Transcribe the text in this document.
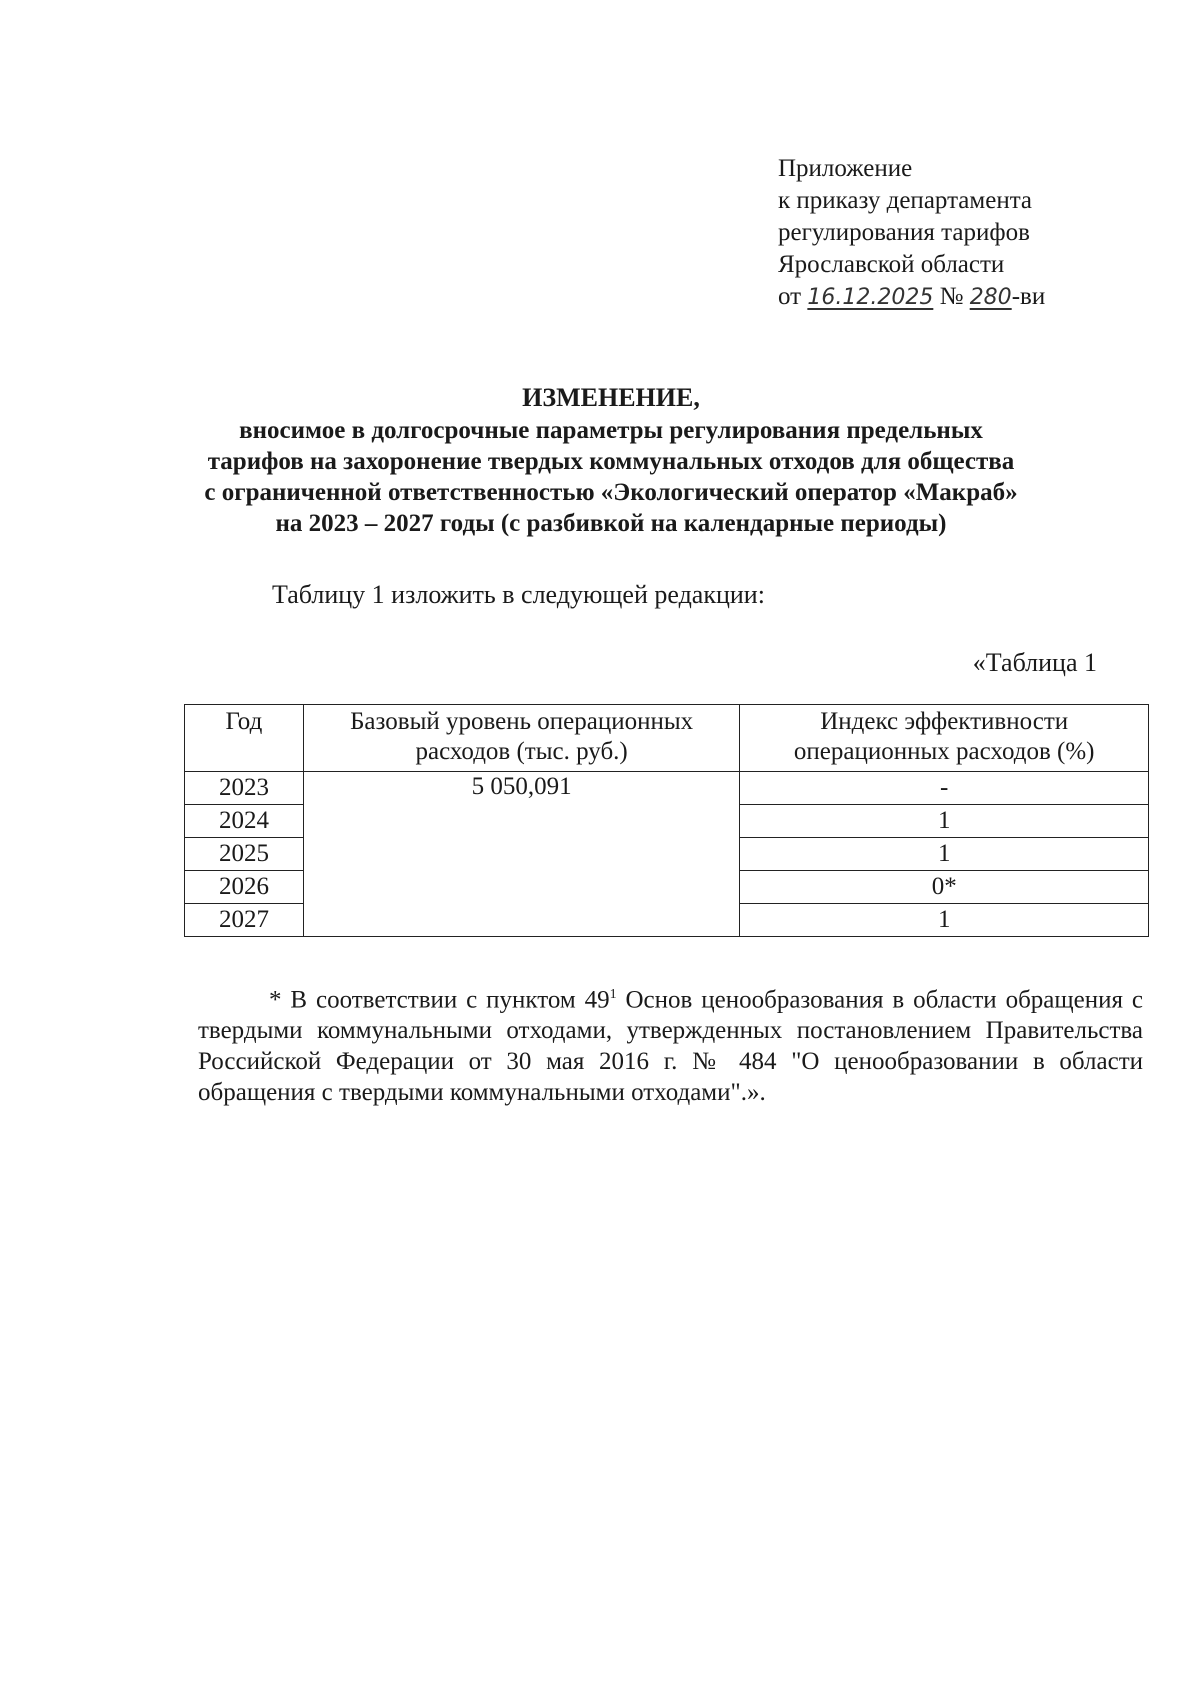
Приложение
к приказу департамента
регулирования тарифов
Ярославской области
от 16.12.2025 № 280-ви
ИЗМЕНЕНИЕ,
вносимое в долгосрочные параметры регулирования предельных
тарифов на захоронение твердых коммунальных отходов для общества
с ограниченной ответственностью «Экологический оператор «Макраб»
на 2023 – 2027 годы (с разбивкой на календарные периоды)
Таблицу 1 изложить в следующей редакции:
«Таблица 1
Год	Базовый уровень операционных расходов (тыс. руб.)	Индекс эффективности операционных расходов (%)
2023	5 050,091	-
2024		1
2025		1
2026		0*
2027		1
* В соответствии с пунктом $49^1$ Основ ценообразования в области обращения с твердыми коммунальными отходами, утвержденных постановлением Правительства Российской Федерации от 30 мая 2016 г. № 484 "О ценообразовании в области обращения с твердыми коммунальными отходами".».
